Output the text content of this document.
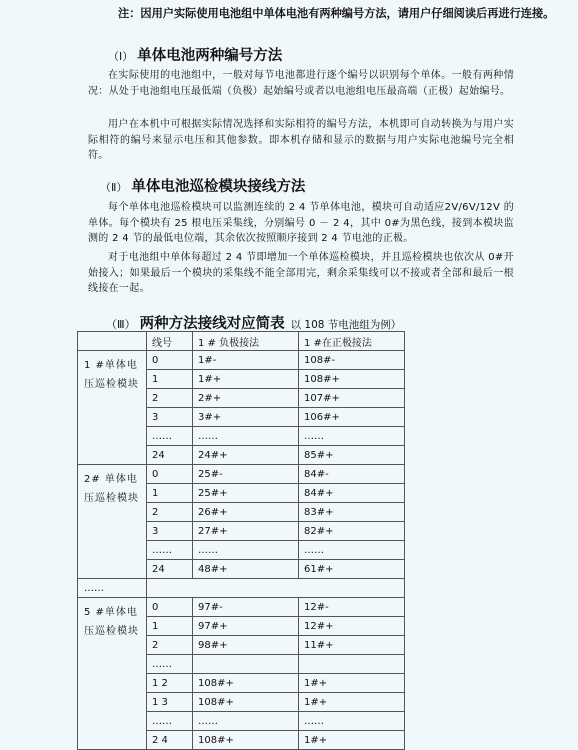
注：因用户实际使用电池组中单体电池有两种编号方法，请用户仔细阅读后再进行连接。
（Ⅰ） 单体电池两种编号方法
在实际使用的电池组中，一般对每节电池都进行逐个编号以识别每个单体。一般有两种情况：从处于电池组电压最低端（负极）起始编号或者以电池组电压最高端（正极）起始编号。
用户在本机中可根据实际情况选择和实际相符的编号方法，本机即可自动转换为与用户实际相符的编号来显示电压和其他参数。即本机存储和显示的数据与用户实际电池编号完全相符。
（Ⅱ） 单体电池巡检模块接线方法
每个单体电池巡检模块可以监测连续的 2 4 节单体电池，模块可自动适应2V/6V/12V 的单体。每个模块有 25 根电压采集线，分别编号 0 － 2 4，其中 0#为黑色线，接到本模块监测的 2 4 节的最低电位端，其余依次按照顺序接到 2 4 节电池的正极。
对于电池组中单体每超过 2 4 节即增加一个单体巡检模块，并且巡检模块也依次从 0#开始接入；如果最后一个模块的采集线不能全部用完，剩余采集线可以不接或者全部和最后一根线接在一起。
（Ⅲ） 两种方法接线对应简表 以 108 节电池组为例）
	线号	1 # 负极接法	1 #在正极接法
1 #单体电压巡检模块	0	1#-	108#-
	1	1#+	108#+
	2	2#+	107#+
	3	3#+	106#+
	……	……	……
	24	24#+	85#+
2# 单体电压巡检模块	0	25#-	84#-
	1	25#+	84#+
	2	26#+	83#+
	3	27#+	82#+
	……	……	……
	24	48#+	61#+
……			
5 #单体电压巡检模块	0	97#-	12#-
	1	97#+	12#+
	2	98#+	11#+
	……		
	1 2	108#+	1#+
	1 3	108#+	1#+
	……	……	……
	2 4	108#+	1#+
